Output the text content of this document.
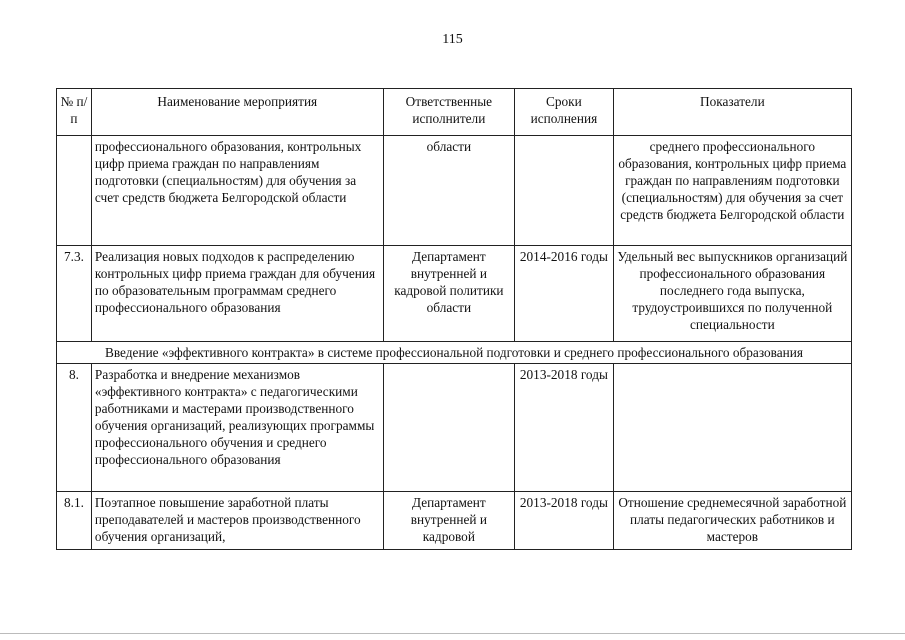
115
№ п/п	Наименование мероприятия	Ответственные исполнители	Сроки исполнения	Показатели
	профессионального образования, контрольных цифр приема граждан по направлениям подготовки (специальностям) для обучения за счет средств бюджета Белгородской области	области		среднего профессионального образования, контрольных цифр приема граждан по направлениям подготовки (специальностям) для обучения за счет средств бюджета Белгородской области
7.3.	Реализация новых подходов к распределению контрольных цифр приема граждан для обучения по образовательным программам среднего профессионального образования	Департамент внутренней и кадровой политики области	2014-2016 годы	Удельный вес выпускников организаций профессионального образования последнего года выпуска, трудоустроившихся по полученной специальности
Введение «эффективного контракта» в системе профессиональной подготовки и среднего профессионального образования				
8.	Разработка и внедрение механизмов «эффективного контракта» с педагогическими работниками и мастерами производственного обучения организаций, реализующих программы профессионального обучения и среднего профессионального образования		2013-2018 годы	
8.1.	Поэтапное повышение заработной платы преподавателей и мастеров производственного обучения организаций,	Департамент внутренней и кадровой	2013-2018 годы	Отношение среднемесячной заработной платы педагогических работников и мастеров
